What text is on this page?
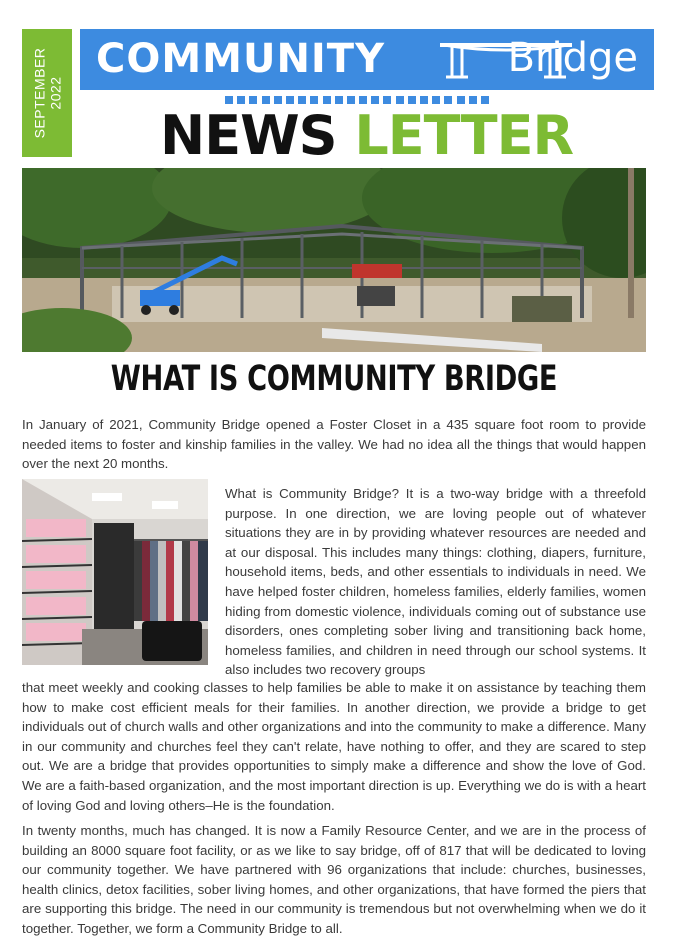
SEPTEMBER 2022
COMMUNITY	Bridge
NEWS LETTER
WHAT IS COMMUNITY BRIDGE

In January of 2021, Community Bridge opened a Foster Closet in a 435 square foot room to provide needed items to foster and kinship families in the valley. We had no idea all the things that would happen over the next 20 months.

What is Community Bridge? It is a two-way bridge with a threefold purpose. In one direction, we are loving people out of whatever situations they are in by providing whatever resources are needed and at our disposal. This includes many things: clothing, diapers, furniture, household items, beds, and other essentials to individuals in need. We have helped foster children, homeless families, elderly families, women hiding from domestic violence, individuals coming out of substance use disorders, ones completing sober living and transitioning back home, homeless families, and children in need through our school systems. It also includes two recovery groups

that meet weekly and cooking classes to help families be able to make it on assistance by teaching them how to make cost efficient meals for their families. In another direction, we provide a bridge to get individuals out of church walls and other organizations and into the community to make a difference. Many in our community and churches feel they can't relate, have nothing to offer, and they are scared to step out. We are a bridge that provides opportunities to simply make a difference and show the love of God. We are a faith-based organization, and the most important direction is up. Everything we do is with a heart of loving God and loving others–He is the foundation.

In twenty months, much has changed. It is now a Family Resource Center, and we are in the process of building an 8000 square foot facility, or as we like to say bridge, off of 817 that will be dedicated to loving our community together. We have partnered with 96 organizations that include: churches, businesses, health clinics, detox facilities, sober living homes, and other organizations, that have formed the piers that are supporting this bridge. The need in our community is tremendous but not overwhelming when we do it together. Together, we form a Community Bridge to all.
